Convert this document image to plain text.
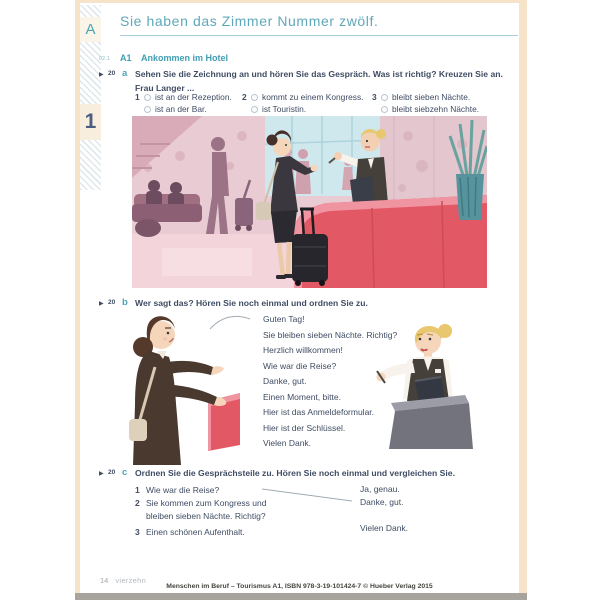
A
1
Sie haben das Zimmer Nummer zwölf.
02.1 A1 Ankommen im Hotel
▶ 20 a Sehen Sie die Zeichnung an und hören Sie das Gespräch. Was ist richtig? Kreuzen Sie an.
Frau Langer ...
1	ist an der Rezeption.
ist an der Bar.
2	kommt zu einem Kongress.
ist Touristin.
3	bleibt sieben Nächte.
bleibt siebzehn Nächte.
▶ 20 b Wer sagt das? Hören Sie noch einmal und ordnen Sie zu.
Guten Tag!
Sie bleiben sieben Nächte. Richtig?
Herzlich willkommen!
Wie war die Reise?
Danke, gut.
Einen Moment, bitte.
Hier ist das Anmeldeformular.
Hier ist der Schlüssel.
Vielen Dank.
▶ 20 c Ordnen Sie die Gesprächsteile zu. Hören Sie noch einmal und vergleichen Sie.
1 Wie war die Reise?
2 Sie kommen zum Kongress und
bleiben sieben Nächte. Richtig?
3 Einen schönen Aufenthalt.
Ja, genau.
Danke, gut.
Vielen Dank.
14 vierzehn
Menschen im Beruf – Tourismus A1, ISBN 978-3-19-101424-7 © Hueber Verlag 2015
